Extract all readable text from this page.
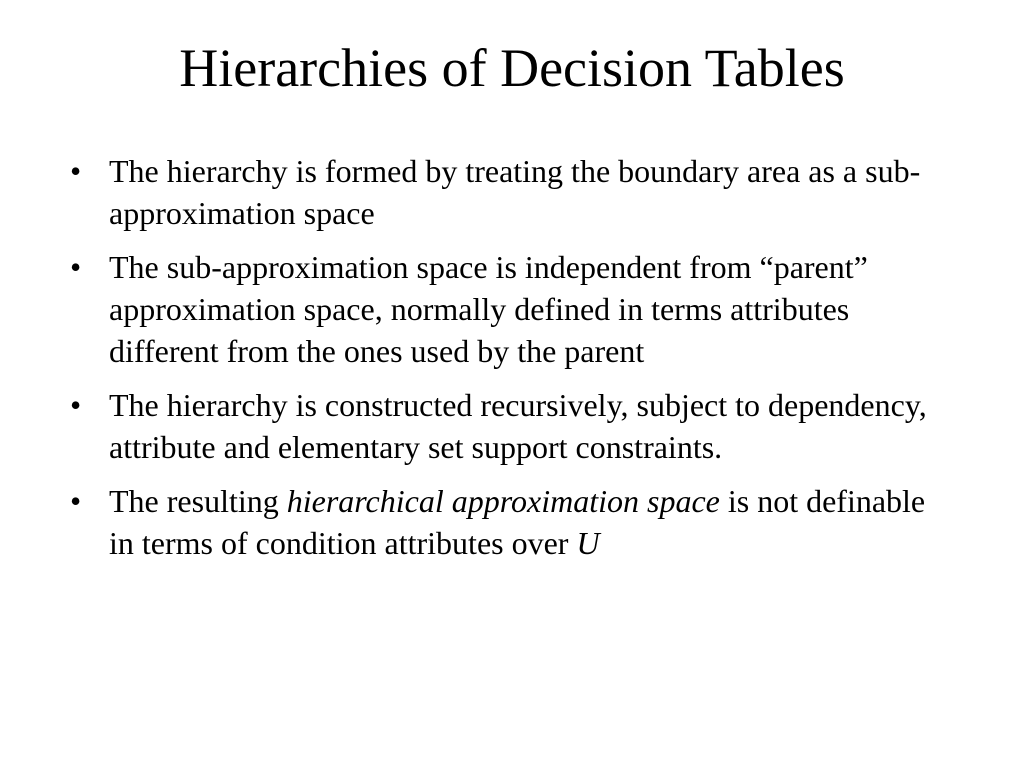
Hierarchies of Decision Tables
• The hierarchy is formed by treating the boundary area as a sub-approximation space
• The sub-approximation space is independent from “parent” approximation space, normally defined in terms attributes different from the ones used by the parent
• The hierarchy is constructed recursively, subject to dependency, attribute and elementary set support constraints.
• The resulting hierarchical approximation space is not definable in terms of condition attributes over U
